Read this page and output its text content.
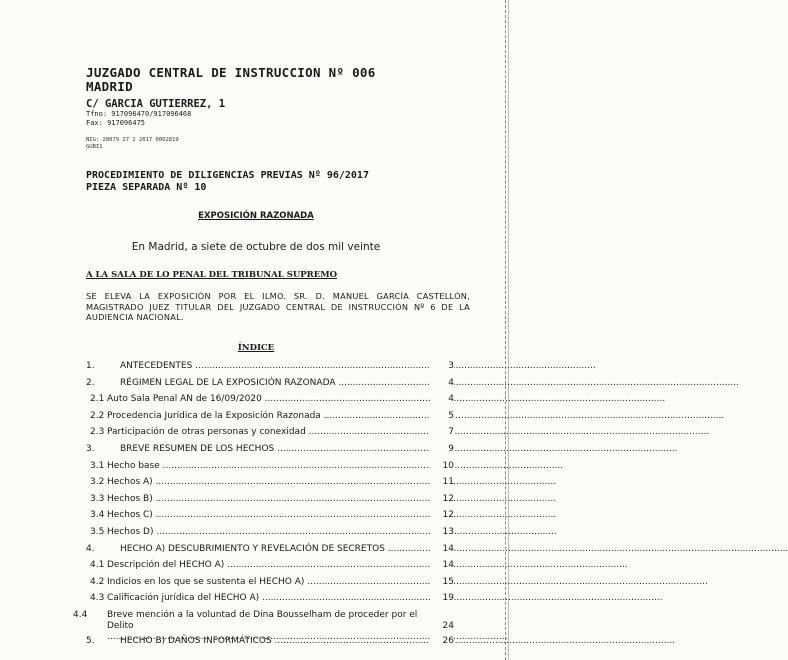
JUZGADO CENTRAL DE INSTRUCCION Nº 006
MADRID
C/ GARCIA GUTIERREZ, 1
Tfno: 917096470/917096468
Fax: 917096475
NIG: 28079 27 2 2017 0002819
GUBI1
PROCEDIMIENTO DE DILIGENCIAS PREVIAS Nº 96/2017
PIEZA SEPARADA Nº 10
EXPOSICIÓN RAZONADA
En Madrid, a siete de octubre de dos mil veinte
A LA SALA DE LO PENAL DEL TRIBUNAL SUPREMO
SE ELEVA LA EXPOSICIÓN POR EL ILMO. SR. D. MANUEL GARCÍA CASTELLÓN, MAGISTRADO JUEZ TITULAR DEL JUZGADO CENTRAL DE INSTRUCCIÓN Nº 6 DE LA AUDIENCIA NACIONAL.
ÍNDICE
1.	ANTECEDENTES .....	3
2.	RÉGIMEN LEGAL DE LA EXPOSICIÓN RAZONADA .....	4
2.1 Auto Sala Penal AN de 16/09/2020 .....	4
2.2 Procedencia Jurídica de la Exposición Razonada .....	5
2.3 Participación de otras personas y conexidad .....	7
3.	BREVE RESUMEN DE LOS HECHOS .....	9
3.1 Hecho base .....	10
3.2 Hechos A) .....	11
3.3 Hechos B) .....	12
3.4 Hechos C) .....	12
3.5 Hechos D) .....	13
4.	HECHO A) DESCUBRIMIENTO Y REVELACIÓN DE SECRETOS .....	14
4.1 Descripción del HECHO A) .....	14
4.2 Indicios en los que se sustenta el HECHO A) .....	15
4.3 Calificación jurídica del HECHO A) .....	19
4.4 Breve mención a la voluntad de Dina Bousselham de proceder por el Delito .....	24
5.	HECHO B) DAÑOS INFORMÁTICOS .....	26
